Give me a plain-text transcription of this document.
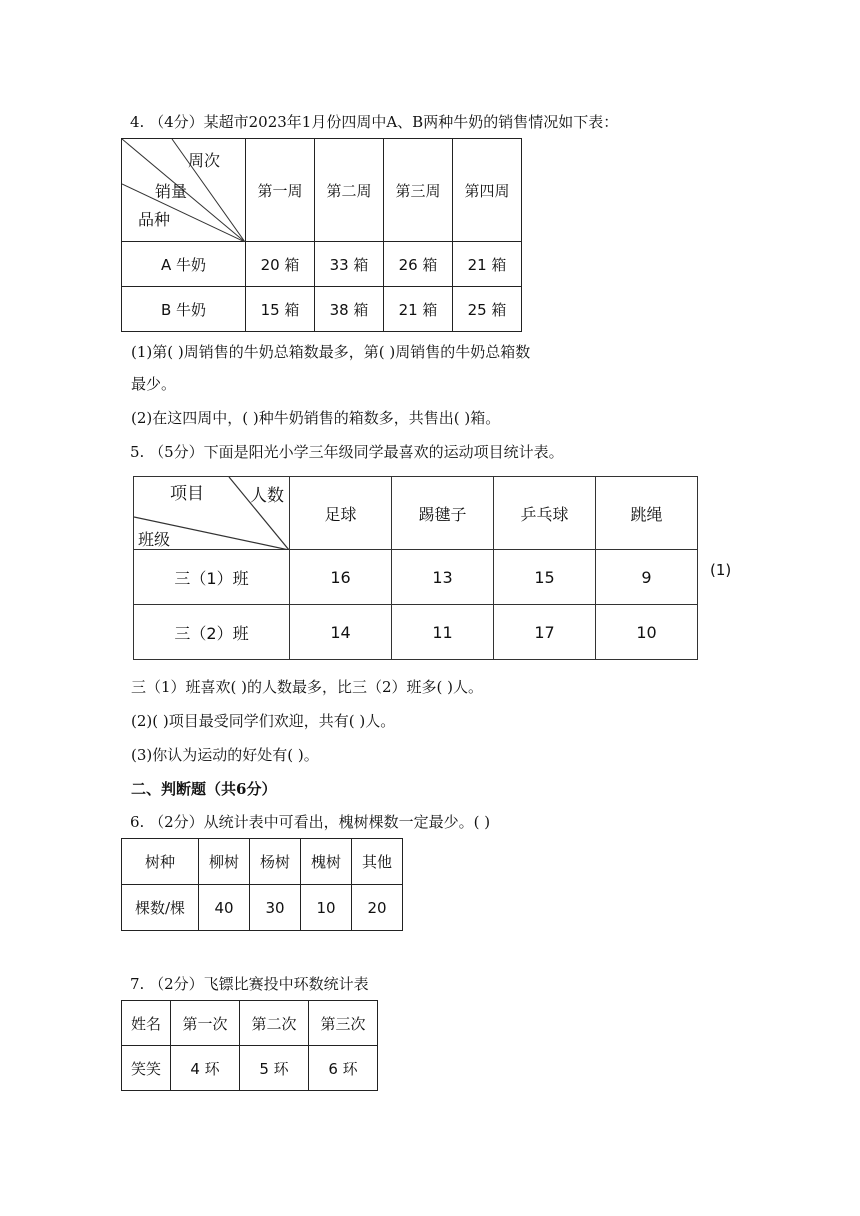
4. （4分）某超市2023年1月份四周中A、B两种牛奶的销售情况如下表：
周次
销量
品种	第一周	第二周	第三周	第四周
A 牛奶	20 箱	33 箱	26 箱	21 箱
B 牛奶	15 箱	38 箱	21 箱	25 箱
(1)第( )周销售的牛奶总箱数最多，第( )周销售的牛奶总箱数
最少。
(2)在这四周中，( )种牛奶销售的箱数多，共售出( )箱。
5. （5分）下面是阳光小学三年级同学最喜欢的运动项目统计表。
项目 人数
班级	足球	踢毽子	乒乓球	跳绳
三（1）班	16	13	15	9
三（2）班	14	11	17	10
(1)
三（1）班喜欢( )的人数最多，比三（2）班多( )人。
(2)( )项目最受同学们欢迎，共有( )人。
(3)你认为运动的好处有( )。
二、判断题（共6分）
6. （2分）从统计表中可看出，槐树棵数一定最少。( )
树种	柳树	杨树	槐树	其他
棵数/棵	40	30	10	20
7. （2分）飞镖比赛投中环数统计表
姓名	第一次	第二次	第三次
笑笑	4 环	5 环	6 环
